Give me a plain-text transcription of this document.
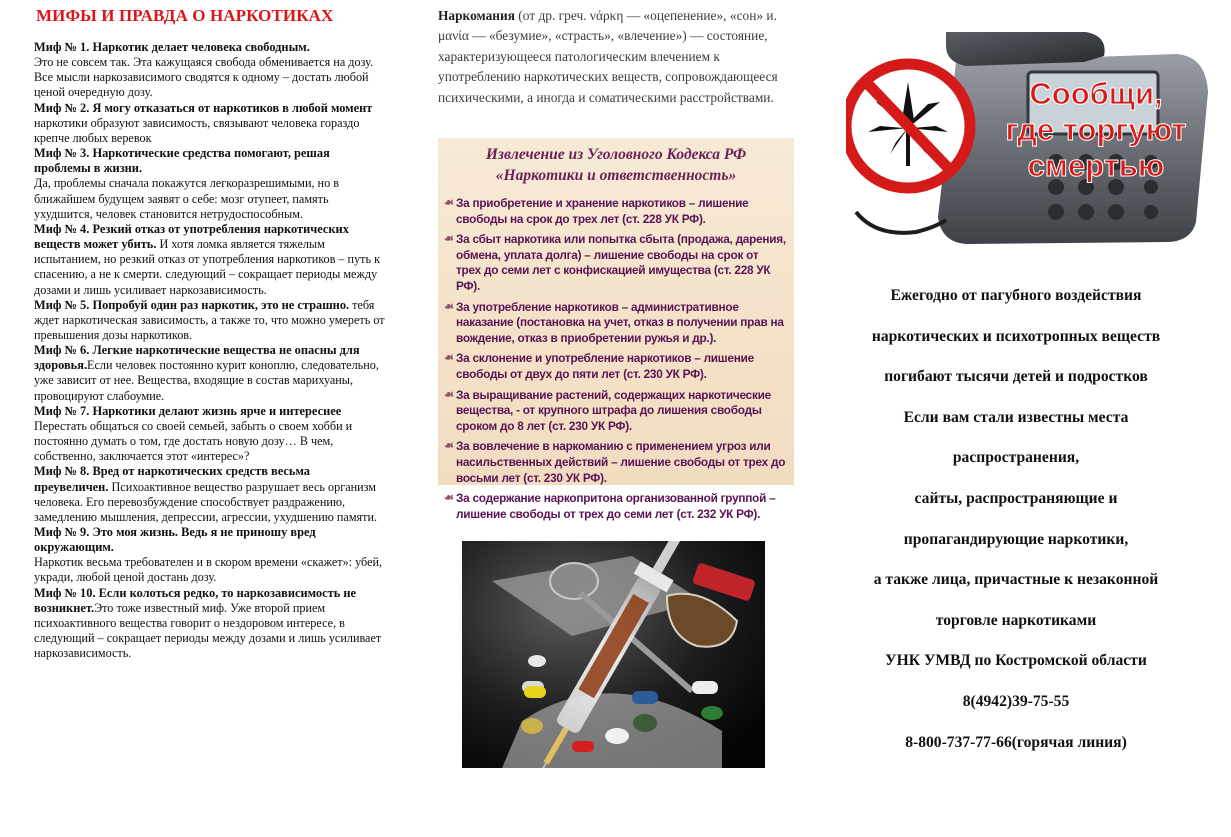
МИФЫ И ПРАВДА О НАРКОТИКАХ
Миф № 1. Наркотик делает человека свободным.
Это не совсем так. Эта кажущаяся свобода обменивается на дозу. Все мысли наркозависимого сводятся к одному – достать любой ценой очередную дозу.
Миф № 2. Я могу отказаться от наркотиков в любой момент
наркотики образуют зависимость, связывают человека гораздо крепче любых веревок
Миф № 3. Наркотические средства помогают, решая проблемы в жизни.
Да, проблемы сначала покажутся легкоразрешимыми, но в ближайшем будущем заявят о себе: мозг отупеет, память ухудшится, человек становится нетрудоспособным.
Миф № 4. Резкий отказ от употребления наркотических веществ может убить. И хотя ломка является тяжелым испытанием, но резкий отказ от употребления наркотиков – путь к спасению, а не к смерти. следующий – сокращает периоды между дозами и лишь усиливает наркозависимость.
Миф № 5. Попробуй один раз наркотик, это не страшно. тебя ждет наркотическая зависимость, а также то, что можно умереть от превышения дозы наркотиков.
Миф № 6. Легкие наркотические вещества не опасны для здоровья.Если человек постоянно курит коноплю, следовательно, уже зависит от нее. Вещества, входящие в состав марихуаны, провоцируют слабоумие.
Миф № 7. Наркотики делают жизнь ярче и интереснее
Перестать общаться со своей семьей, забыть о своем хобби и постоянно думать о том, где достать новую дозу… В чем, собственно, заключается этот «интерес»?
Миф № 8. Вред от наркотических средств весьма преувеличен. Психоактивное вещество разрушает весь организм человека. Его перевозбуждение способствует раздражению, замедлению мышления, депрессии, агрессии, ухудшению памяти.
Миф № 9. Это моя жизнь. Ведь я не приношу вред окружающим.
Наркотик весьма требователен и в скором времени «скажет»: убей, укради, любой ценой достань дозу.
Миф № 10. Если колоться редко, то наркозависимость не возникнет.Это тоже известный миф. Уже второй прием психоактивного вещества говорит о нездоровом интересе, в следующий – сокращает периоды между дозами и лишь усиливает наркозависимость.

Наркомания (от др. греч. νάρκη — «оцепенение», «сон» и. μανία — «безумие», «страсть», «влечение») — состояние, характеризующееся патологическим влечением к употреблению наркотических веществ, сопровождающееся психическими, а иногда и соматическими расстройствами.

Извлечение из Уголовного Кодекса РФ
«Наркотики и ответственность»
☙ За приобретение и хранение наркотиков – лишение свободы на срок до трех лет (ст. 228 УК РФ).
☙ За сбыт наркотика или попытка сбыта (продажа, дарения, обмена, уплата долга) – лишение свободы на срок от трех до семи лет с конфискацией имущества (ст. 228 УК РФ).
☙ За употребление наркотиков – административное наказание (постановка на учет, отказ в получении прав на вождение, отказ в приобретении ружья и др.).
☙ За склонение и употребление наркотиков – лишение свободы от двух до пяти лет (ст. 230 УК РФ).
☙ За выращивание растений, содержащих наркотические вещества, - от крупного штрафа до лишения свободы сроком до 8 лет (ст. 230 УК РФ).
☙ За вовлечение в наркоманию с применением угроз или насильственных действий – лишение свободы от трех до восьми лет (ст. 230 УК РФ).
☙ За содержание наркопритона организованной группой – лишение свободы от трех до семи лет (ст. 232 УК РФ).
Сообщи,
где торгуют
смертью

Ежегодно от пагубного воздействия

наркотических и психотропных веществ

погибают тысячи детей и подростков

Если вам стали известны места

распространения,

сайты, распространяющие и

пропагандирующие наркотики,

а также лица, причастные к незаконной

торговле наркотиками

УНК УМВД по Костромской области

8(4942)39-75-55

8-800-737-77-66(горячая линия)
